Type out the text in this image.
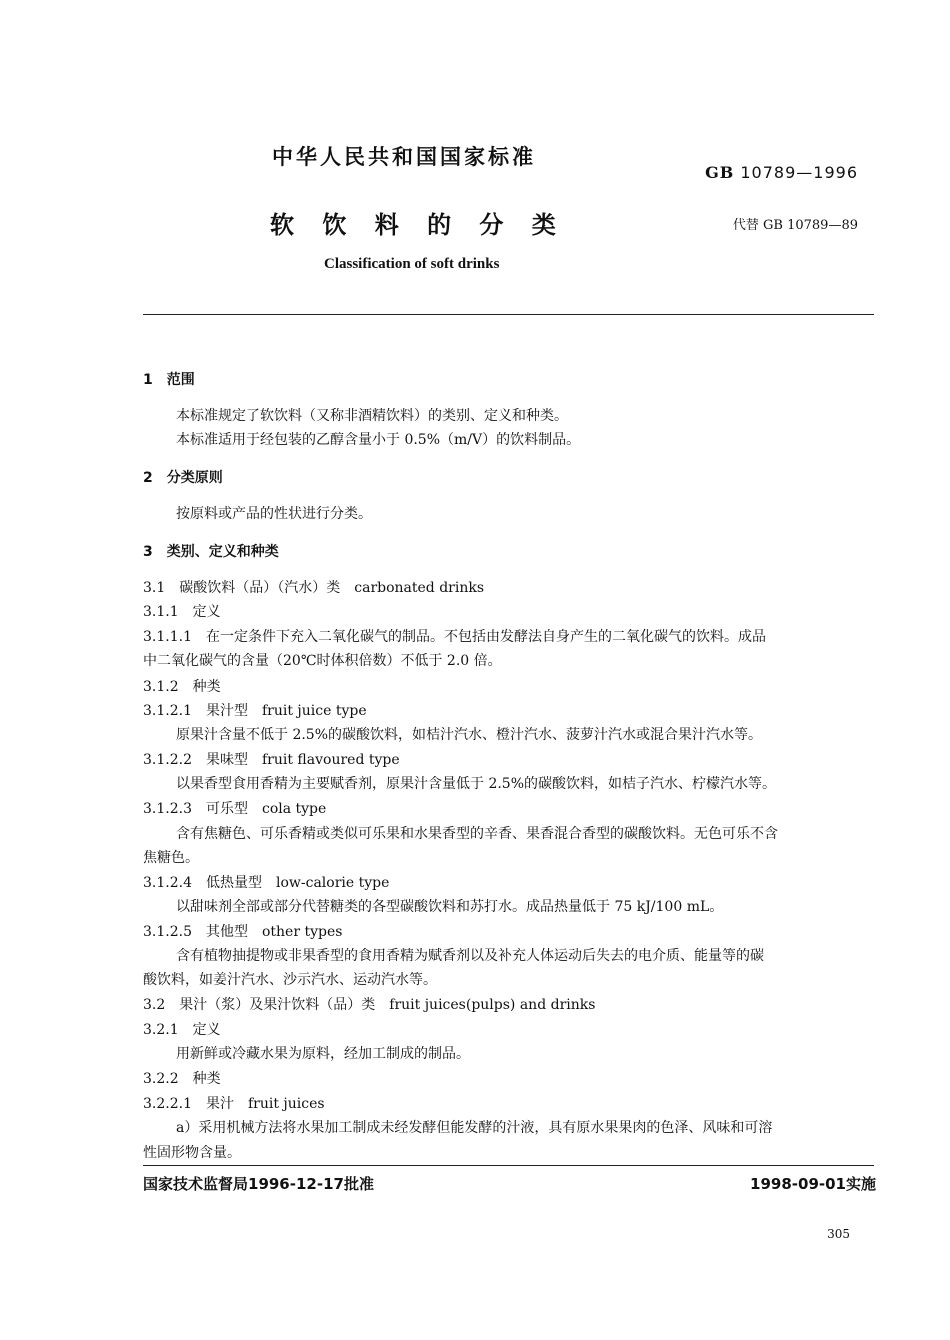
中华人民共和国国家标准
GB 10789—1996
软 饮 料 的 分 类	代替 GB 10789—89
Classification of soft drinks
1　范围
本标准规定了软饮料（又称非酒精饮料）的类别、定义和种类。
本标准适用于经包装的乙醇含量小于 0.5%（m/V）的饮料制品。
2　分类原则
按原料或产品的性状进行分类。
3　类别、定义和种类
3.1　碳酸饮料（品）（汽水）类　carbonated drinks
3.1.1　定义
3.1.1.1　在一定条件下充入二氧化碳气的制品。不包括由发酵法自身产生的二氧化碳气的饮料。成品
中二氧化碳气的含量（20℃时体积倍数）不低于 2.0 倍。
3.1.2　种类
3.1.2.1　果汁型　fruit juice type
原果汁含量不低于 2.5%的碳酸饮料，如桔汁汽水、橙汁汽水、菠萝汁汽水或混合果汁汽水等。
3.1.2.2　果味型　fruit flavoured type
以果香型食用香精为主要赋香剂，原果汁含量低于 2.5%的碳酸饮料，如桔子汽水、柠檬汽水等。
3.1.2.3　可乐型　cola type
含有焦糖色、可乐香精或类似可乐果和水果香型的辛香、果香混合香型的碳酸饮料。无色可乐不含
焦糖色。
3.1.2.4　低热量型　low-calorie type
以甜味剂全部或部分代替糖类的各型碳酸饮料和苏打水。成品热量低于 75 kJ/100 mL。
3.1.2.5　其他型　other types
含有植物抽提物或非果香型的食用香精为赋香剂以及补充人体运动后失去的电介质、能量等的碳
酸饮料，如姜汁汽水、沙示汽水、运动汽水等。
3.2　果汁（浆）及果汁饮料（品）类　fruit juices(pulps) and drinks
3.2.1　定义
用新鲜或冷藏水果为原料，经加工制成的制品。
3.2.2　种类
3.2.2.1　果汁　fruit juices
a）采用机械方法将水果加工制成未经发酵但能发酵的汁液，具有原水果果肉的色泽、风味和可溶
性固形物含量。
国家技术监督局1996-12-17批准	1998-09-01实施
305
